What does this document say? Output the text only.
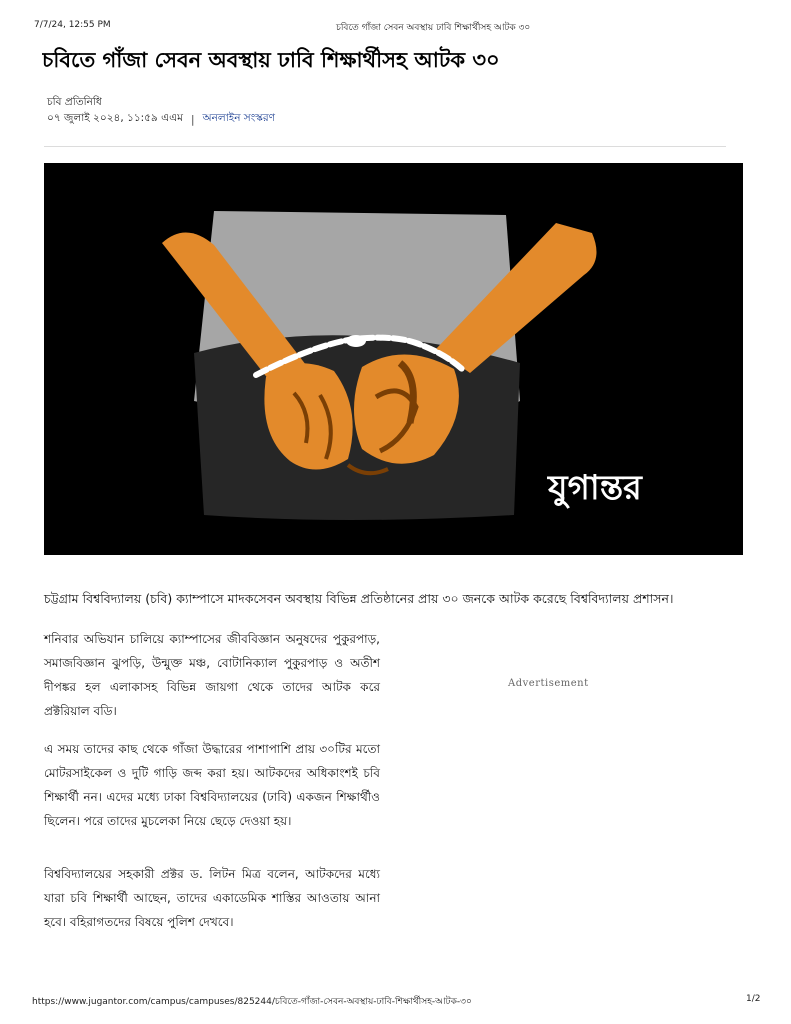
7/7/24, 12:55 PM	চবিতে গাঁজা সেবন অবস্থায় ঢাবি শিক্ষার্থীসহ আটক ৩০
চবিতে গাঁজা সেবন অবস্থায় ঢাবি শিক্ষার্থীসহ আটক ৩০
চবি প্রতিনিধি
০৭ জুলাই ২০২৪, ১১:৫৯ এএম | অনলাইন সংস্করণ
যুগান্তর

চট্টগ্রাম বিশ্ববিদ্যালয় (চবি) ক্যাম্পাসে মাদকসেবন অবস্থায় বিভিন্ন প্রতিষ্ঠানের প্রায় ৩০ জনকে আটক করেছে বিশ্ববিদ্যালয় প্রশাসন।

শনিবার অভিযান চালিয়ে ক্যাম্পাসের জীববিজ্ঞান অনুষদের পুকুরপাড়, সমাজবিজ্ঞান ঝুপড়ি, উন্মুক্ত মঞ্চ, বোটানিক্যাল পুকুরপাড় ও অতীশ দীপঙ্কর হল এলাকাসহ বিভিন্ন জায়গা থেকে তাদের আটক করে প্রক্টরিয়াল বডি।

এ সময় তাদের কাছ থেকে গাঁজা উদ্ধারের পাশাপাশি প্রায় ৩০টির মতো মোটরসাইকেল ও দুটি গাড়ি জব্দ করা হয়। আটকদের অধিকাংশই চবি শিক্ষার্থী নন। এদের মধ্যে ঢাকা বিশ্ববিদ্যালয়ের (ঢাবি) একজন শিক্ষার্থীও ছিলেন। পরে তাদের মুচলেকা নিয়ে ছেড়ে দেওয়া হয়।

বিশ্ববিদ্যালয়ের সহকারী প্রক্টর ড. লিটন মিত্র বলেন, আটকদের মধ্যে যারা চবি শিক্ষার্থী আছেন, তাদের একাডেমিক শাস্তির আওতায় আনা হবে। বহিরাগতদের বিষয়ে পুলিশ দেখবে।

Advertisement
https://www.jugantor.com/campus/campuses/825244/চবিতে-গাঁজা-সেবন-অবস্থায়-ঢাবি-শিক্ষার্থীসহ-আটক-৩০	1/2
